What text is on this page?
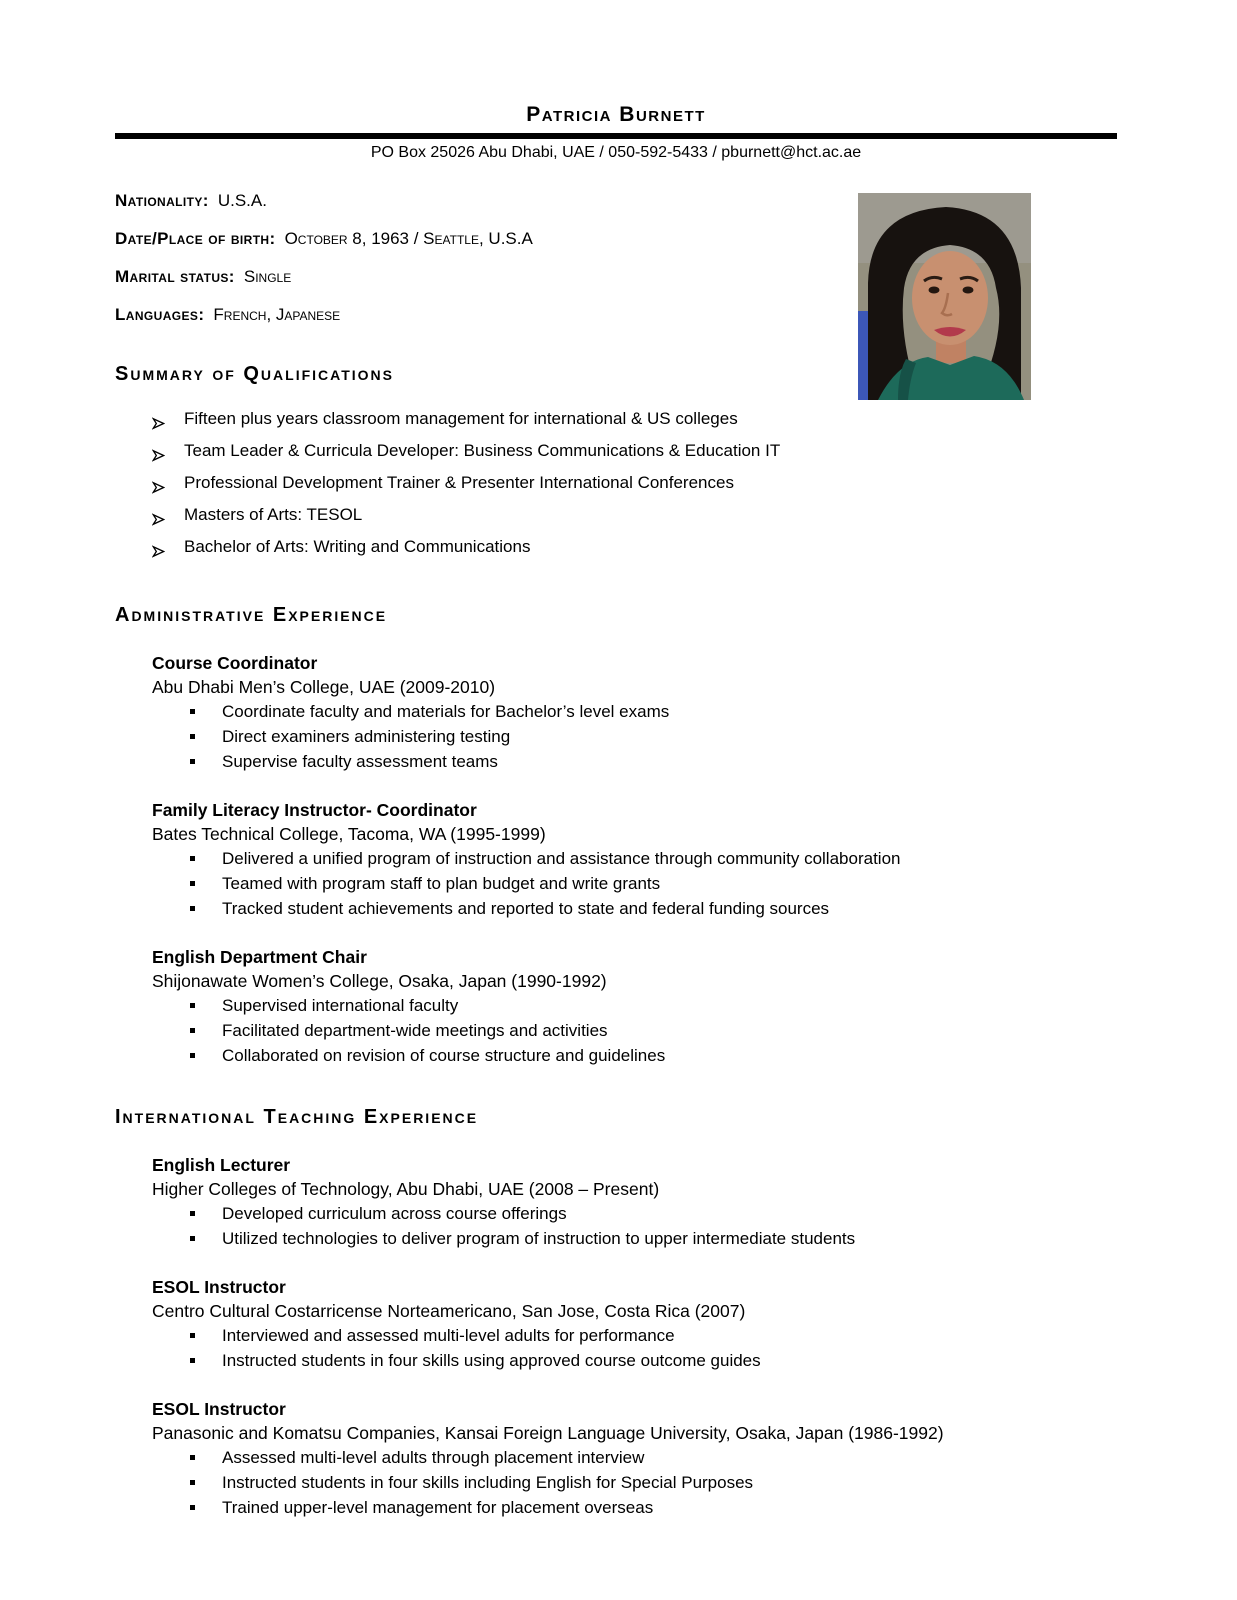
Patricia Burnett
PO Box 25026 Abu Dhabi, UAE / 050-592-5433 / pburnett@hct.ac.ae
Nationality: U.S.A.
Date/Place of birth: October 8, 1963 / Seattle, U.S.A
Marital status: Single
Languages: French, Japanese
Summary of Qualifications
Fifteen plus years classroom management for international & US colleges
Team Leader & Curricula Developer: Business Communications & Education IT
Professional Development Trainer & Presenter International Conferences
Masters of Arts: TESOL
Bachelor of Arts: Writing and Communications
Administrative Experience
Course Coordinator
Abu Dhabi Men’s College, UAE (2009-2010)
Coordinate faculty and materials for Bachelor’s level exams
Direct examiners administering testing
Supervise faculty assessment teams
Family Literacy Instructor- Coordinator
Bates Technical College, Tacoma, WA (1995-1999)
Delivered a unified program of instruction and assistance through community collaboration
Teamed with program staff to plan budget and write grants
Tracked student achievements and reported to state and federal funding sources
English Department Chair
Shijonawate Women’s College, Osaka, Japan (1990-1992)
Supervised international faculty
Facilitated department-wide meetings and activities
Collaborated on revision of course structure and guidelines
International Teaching Experience
English Lecturer
Higher Colleges of Technology, Abu Dhabi, UAE (2008 – Present)
Developed curriculum across course offerings
Utilized technologies to deliver program of instruction to upper intermediate students
ESOL Instructor
Centro Cultural Costarricense Norteamericano, San Jose, Costa Rica (2007)
Interviewed and assessed multi-level adults for performance
Instructed students in four skills using approved course outcome guides
ESOL Instructor
Panasonic and Komatsu Companies, Kansai Foreign Language University, Osaka, Japan (1986-1992)
Assessed multi-level adults through placement interview
Instructed students in four skills including English for Special Purposes
Trained upper-level management for placement overseas
